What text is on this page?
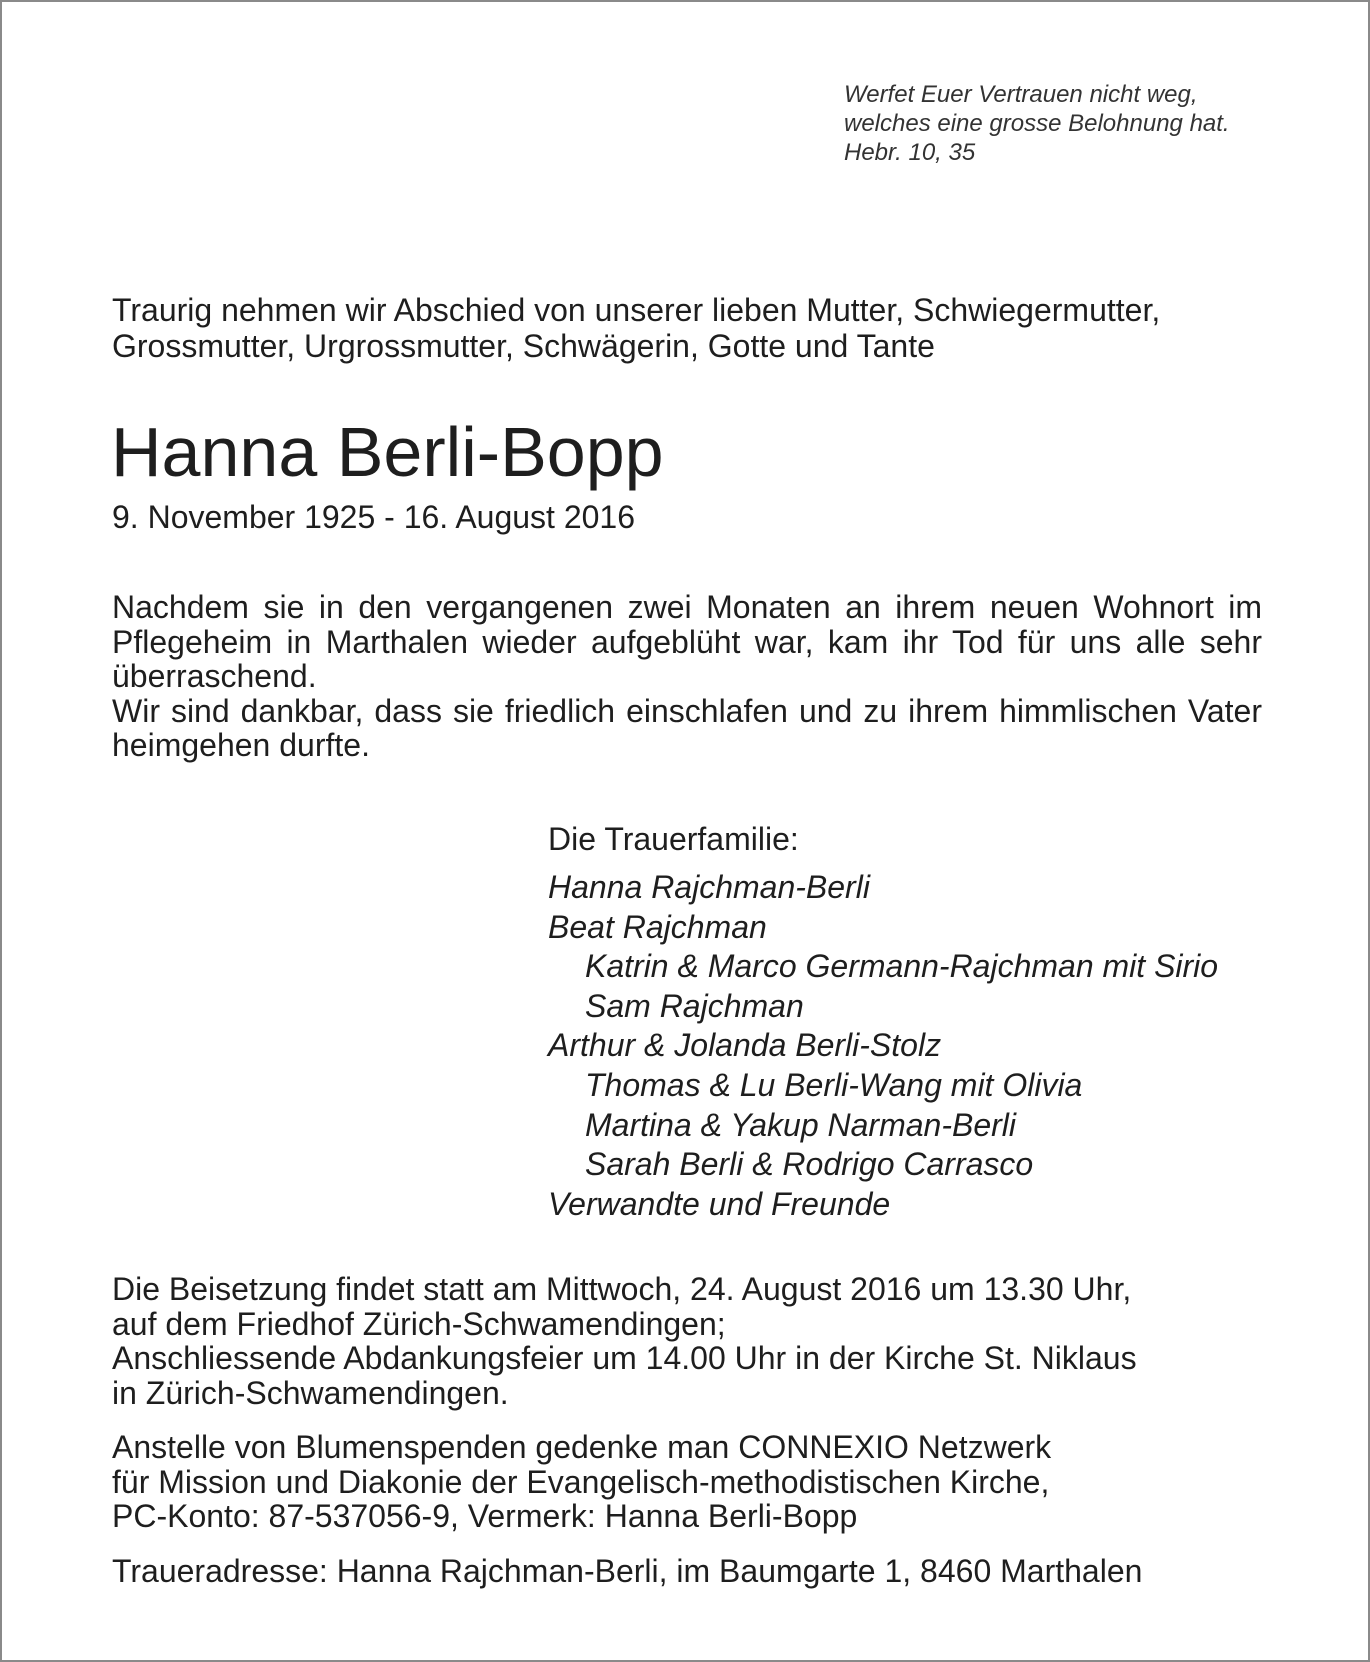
Werfet Euer Vertrauen nicht weg,
welches eine grosse Belohnung hat.
Hebr. 10, 35
Traurig nehmen wir Abschied von unserer lieben Mutter, Schwiegermutter,
Grossmutter, Urgrossmutter, Schwägerin, Gotte und Tante
Hanna Berli-Bopp
9. November 1925 - 16. August 2016

Nachdem sie in den vergangenen zwei Monaten an ihrem neuen Wohnort im Pflegeheim in Marthalen wieder aufgeblüht war, kam ihr Tod für uns alle sehr überraschend.

Wir sind dankbar, dass sie friedlich einschlafen und zu ihrem himmlischen Vater heimgehen durfte.

Die Trauerfamilie:
Hanna Rajchman-Berli
Beat Rajchman
Katrin & Marco Germann-Rajchman mit Sirio
Sam Rajchman
Arthur & Jolanda Berli-Stolz
Thomas & Lu Berli-Wang mit Olivia
Martina & Yakup Narman-Berli
Sarah Berli & Rodrigo Carrasco
Verwandte und Freunde
Die Beisetzung findet statt am Mittwoch, 24. August 2016 um 13.30 Uhr,
auf dem Friedhof Zürich-Schwamendingen;
Anschliessende Abdankungsfeier um 14.00 Uhr in der Kirche St. Niklaus
in Zürich-Schwamendingen.
Anstelle von Blumenspenden gedenke man CONNEXIO Netzwerk
für Mission und Diakonie der Evangelisch-methodistischen Kirche,
PC-Konto: 87-537056-9, Vermerk: Hanna Berli-Bopp
Traueradresse: Hanna Rajchman-Berli, im Baumgarte 1, 8460 Marthalen
